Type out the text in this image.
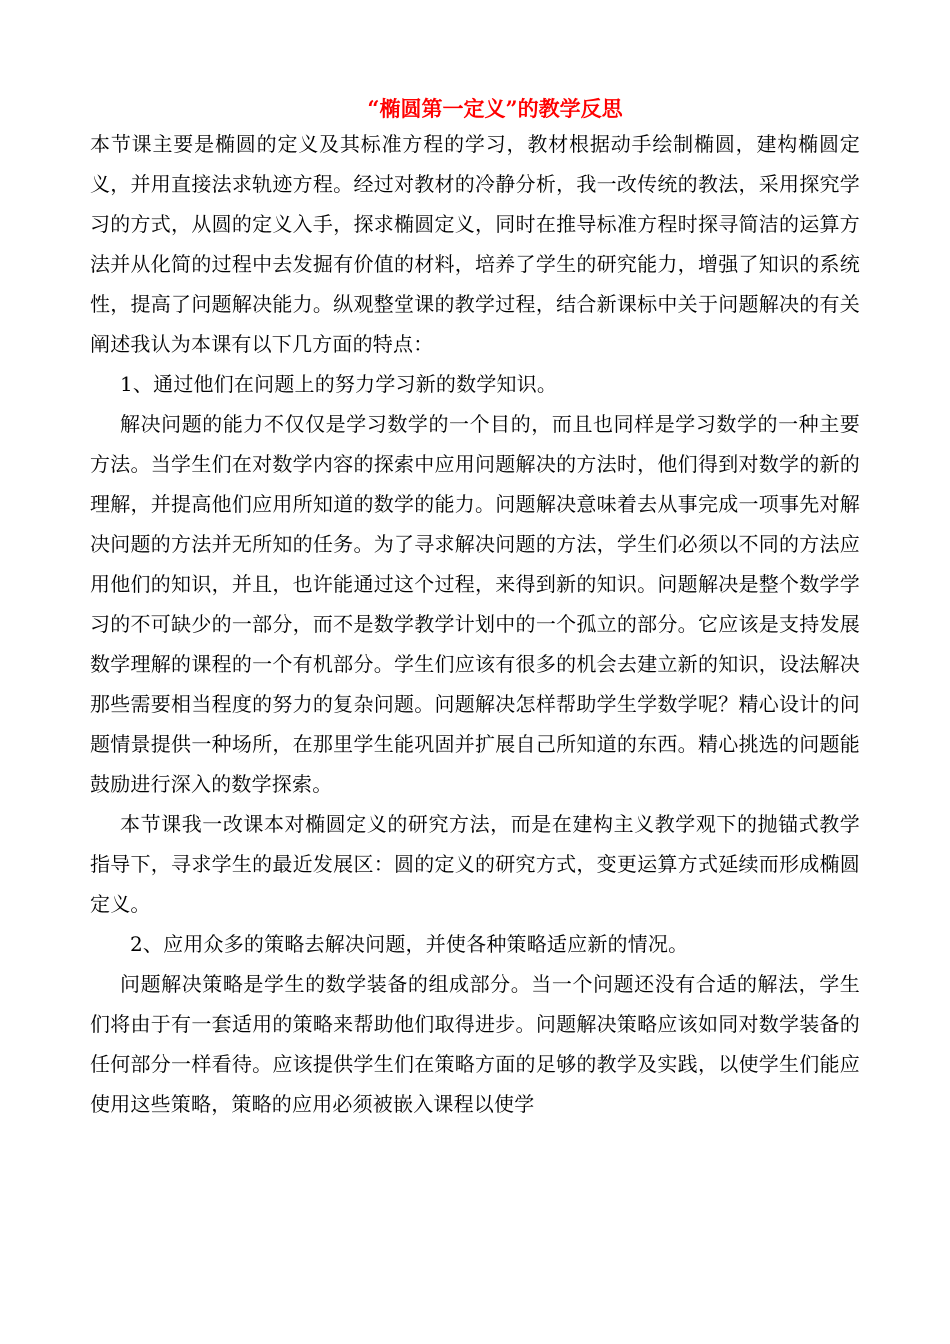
“椭圆第一定义”的教学反思

本节课主要是椭圆的定义及其标准方程的学习，教材根据动手绘制椭圆，建构椭圆定义，并用直接法求轨迹方程。经过对教材的冷静分析，我一改传统的教法，采用探究学习的方式，从圆的定义入手，探求椭圆定义，同时在推导标准方程时探寻简洁的运算方法并从化简的过程中去发掘有价值的材料，培养了学生的研究能力，增强了知识的系统性，提高了问题解决能力。纵观整堂课的教学过程，结合新课标中关于问题解决的有关阐述我认为本课有以下几方面的特点：

1、通过他们在问题上的努力学习新的数学知识。

解决问题的能力不仅仅是学习数学的一个目的，而且也同样是学习数学的一种主要方法。当学生们在对数学内容的探索中应用问题解决的方法时，他们得到对数学的新的理解，并提高他们应用所知道的数学的能力。问题解决意味着去从事完成一项事先对解决问题的方法并无所知的任务。为了寻求解决问题的方法，学生们必须以不同的方法应用他们的知识，并且，也许能通过这个过程，来得到新的知识。问题解决是整个数学学习的不可缺少的一部分，而不是数学教学计划中的一个孤立的部分。它应该是支持发展数学理解的课程的一个有机部分。学生们应该有很多的机会去建立新的知识，设法解决那些需要相当程度的努力的复杂问题。问题解决怎样帮助学生学数学呢？精心设计的问题情景提供一种场所，在那里学生能巩固并扩展自己所知道的东西。精心挑选的问题能鼓励进行深入的数学探索。

本节课我一改课本对椭圆定义的研究方法，而是在建构主义教学观下的抛锚式教学指导下，寻求学生的最近发展区：圆的定义的研究方式，变更运算方式延续而形成椭圆定义。

2、应用众多的策略去解决问题，并使各种策略适应新的情况。

问题解决策略是学生的数学装备的组成部分。当一个问题还没有合适的解法，学生们将由于有一套适用的策略来帮助他们取得进步。问题解决策略应该如同对数学装备的任何部分一样看待。应该提供学生们在策略方面的足够的教学及实践，以使学生们能应使用这些策略，策略的应用必须被嵌入课程以使学
